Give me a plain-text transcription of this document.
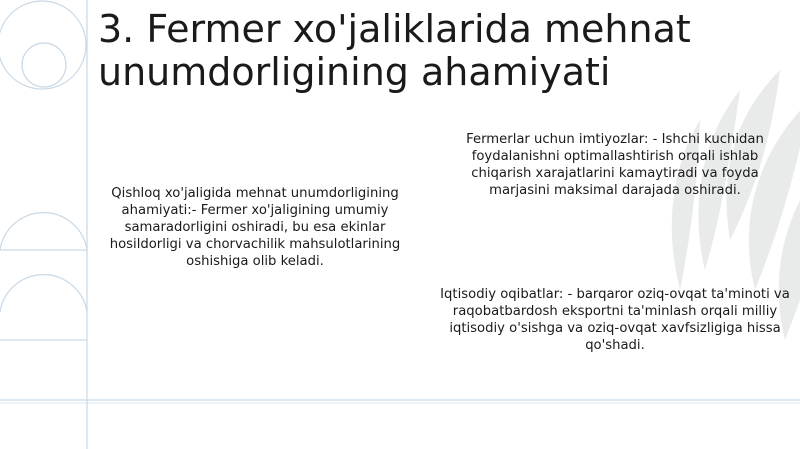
3. Fermer xo'jaliklarida mehnat unumdorligining ahamiyati

Qishloq xo'jaligida mehnat unumdorligining ahamiyati:- Fermer xo'jaligining umumiy samaradorligini oshiradi, bu esa ekinlar hosildorligi va chorvachilik mahsulotlarining oshishiga olib keladi.

Fermerlar uchun imtiyozlar: - Ishchi kuchidan foydalanishni optimallashtirish orqali ishlab chiqarish xarajatlarini kamaytiradi va foyda marjasini maksimal darajada oshiradi.

Iqtisodiy oqibatlar: - barqaror oziq-ovqat ta'minoti va raqobatbardosh eksportni ta'minlash orqali milliy iqtisodiy o'sishga va oziq-ovqat xavfsizligiga hissa qo'shadi.
